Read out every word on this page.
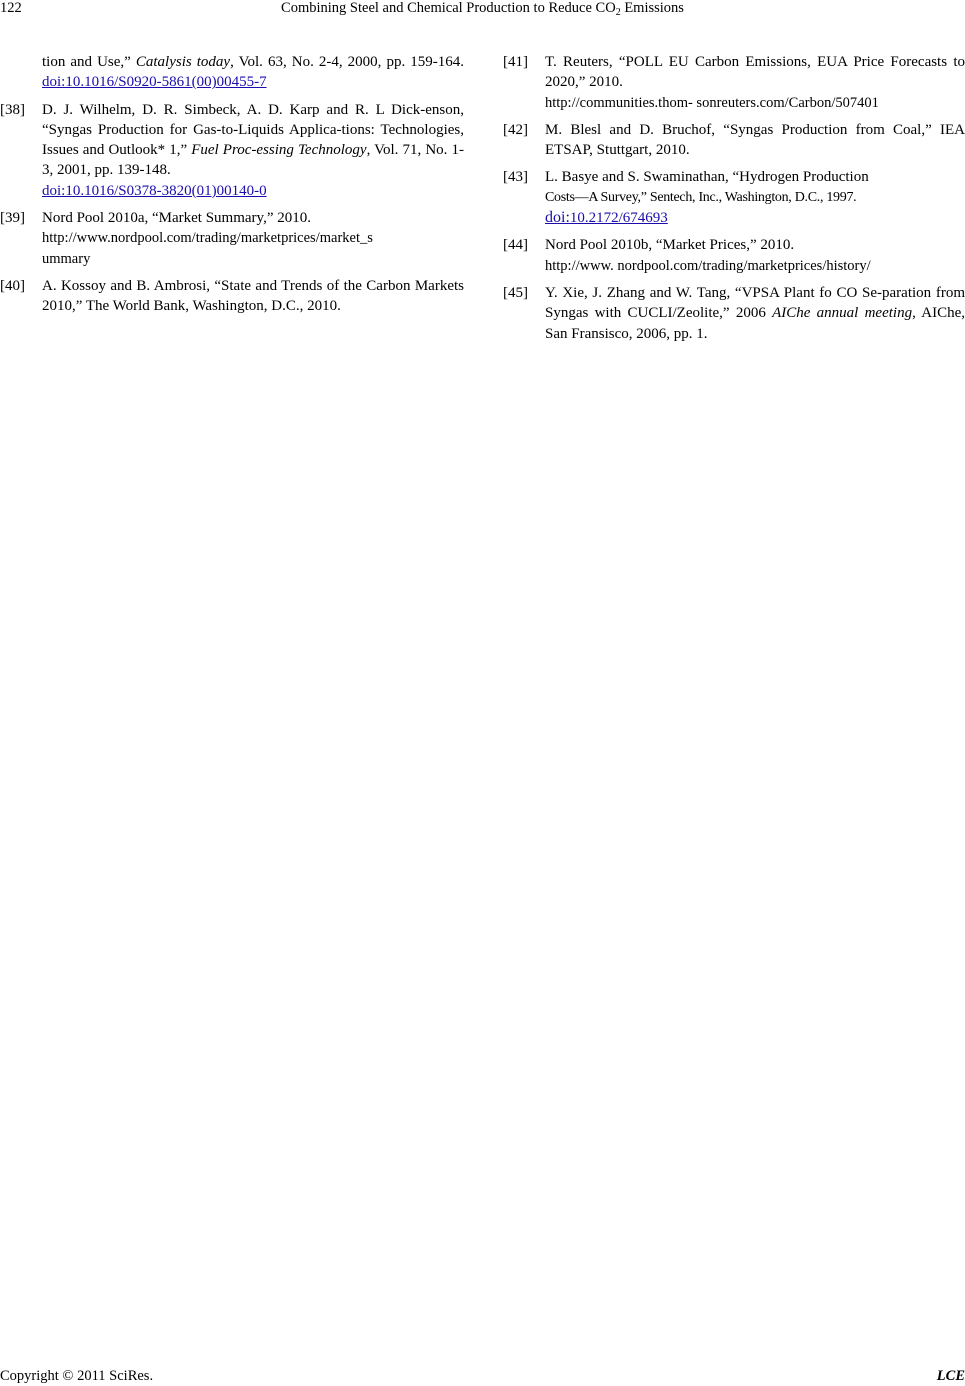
122	Combining Steel and Chemical Production to Reduce $CO_2$ Emissions
tion and Use,” Catalysis today, Vol. 63, No. 2-4, 2000, pp. 159-164. doi:10.1016/S0920-5861(00)00455-7
[38] D. J. Wilhelm, D. R. Simbeck, A. D. Karp and R. L Dick-enson, “Syngas Production for Gas-to-Liquids Applica-tions: Technologies, Issues and Outlook* 1,” Fuel Proc-essing Technology, Vol. 71, No. 1-3, 2001, pp. 139-148.
doi:10.1016/S0378-3820(01)00140-0
[39] Nord Pool 2010a, “Market Summary,” 2010.
http://www.nordpool.com/trading/marketprices/market_s
ummary
[40] A. Kossoy and B. Ambrosi, “State and Trends of the Carbon Markets 2010,” The World Bank, Washington, D.C., 2010.
[41] T. Reuters, “POLL EU Carbon Emissions, EUA Price Forecasts to 2020,” 2010.
http://communities.thom- sonreuters.com/Carbon/507401
[42] M. Blesl and D. Bruchof, “Syngas Production from Coal,” IEA ETSAP, Stuttgart, 2010.
[43] L. Basye and S. Swaminathan, “Hydrogen Production
Costs—A Survey,” Sentech, Inc., Washington, D.C., 1997.
doi:10.2172/674693
[44] Nord Pool 2010b, “Market Prices,” 2010.
http://www. nordpool.com/trading/marketprices/history/
[45] Y. Xie, J. Zhang and W. Tang, “VPSA Plant fo CO Se-paration from Syngas with CUCLI/Zeolite,” 2006 AIChe annual meeting, AIChe, San Fransisco, 2006, pp. 1.
Copyright © 2011 SciRes.	LCE
